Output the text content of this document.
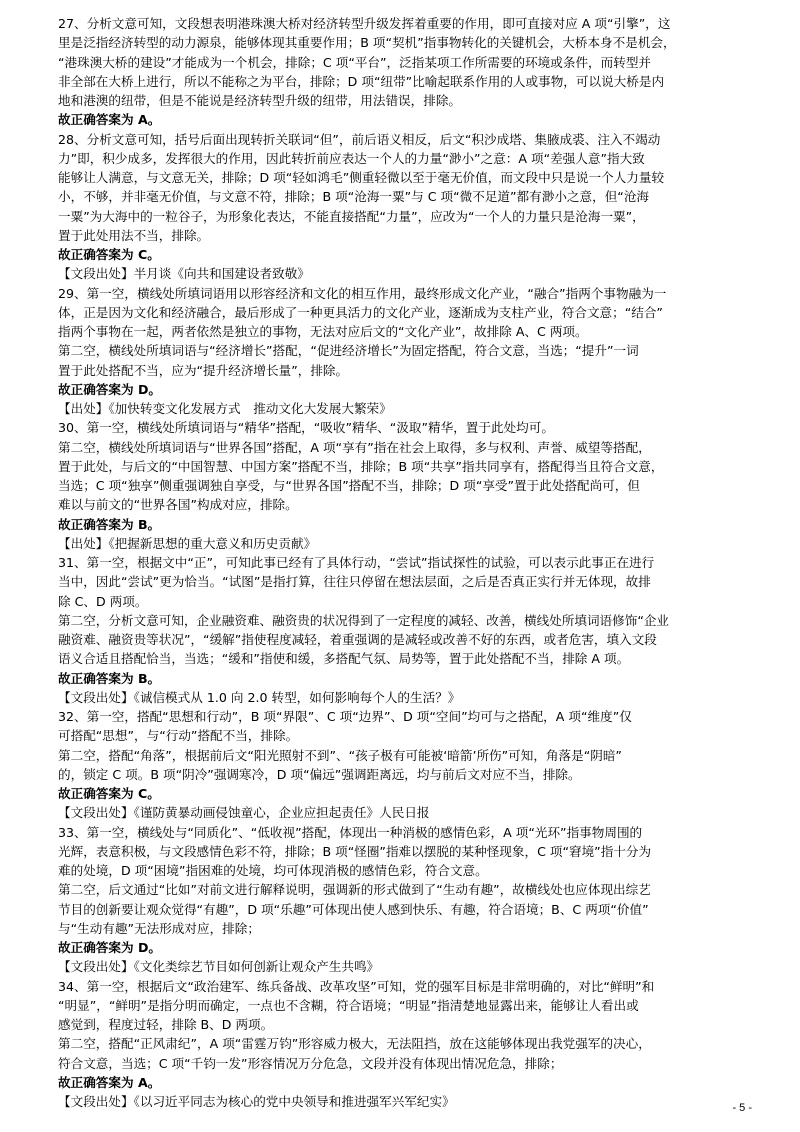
27、分析文意可知，文段想表明港珠澳大桥对经济转型升级发挥着重要的作用，即可直接对应 A 项“引擎”，这

里是泛指经济转型的动力源泉，能够体现其重要作用；B 项“契机”指事物转化的关键机会，大桥本身不是机会，

“港珠澳大桥的建设”才能成为一个机会，排除；C 项“平台”，泛指某项工作所需要的环境或条件，而转型并

非全部在大桥上进行，所以不能称之为平台，排除；D 项“纽带”比喻起联系作用的人或事物，可以说大桥是内

地和港澳的纽带，但是不能说是经济转型升级的纽带，用法错误，排除。

故正确答案为 A。

28、分析文意可知，括号后面出现转折关联词“但”，前后语义相反，后文“积沙成塔、集腋成裘、注入不竭动

力”即，积少成多，发挥很大的作用，因此转折前应表达一个人的力量“渺小”之意：A 项“差强人意”指大致

能够让人满意，与文意无关，排除；D 项“轻如鸿毛”侧重轻微以至于毫无价值，而文段中只是说一个人力量较

小，不够，并非毫无价值，与文意不符，排除；B 项“沧海一粟”与 C 项“微不足道”都有渺小之意，但“沧海

一粟”为大海中的一粒谷子，为形象化表达，不能直接搭配“力量”，应改为“一个人的力量只是沧海一粟”，

置于此处用法不当，排除。

故正确答案为 C。

【文段出处】半月谈《向共和国建设者致敬》

29、第一空，横线处所填词语用以形容经济和文化的相互作用，最终形成文化产业，“融合”指两个事物融为一

体，正是因为文化和经济融合，最后形成了一种更具活力的文化产业，逐渐成为支柱产业，符合文意；“结合”

指两个事物在一起，两者依然是独立的事物，无法对应后文的“文化产业”，故排除 A、C 两项。

第二空，横线处所填词语与“经济增长”搭配，“促进经济增长”为固定搭配，符合文意，当选；“提升”一词

置于此处搭配不当，应为“提升经济增长量”，排除。

故正确答案为 D。

【出处】《加快转变文化发展方式　推动文化大发展大繁荣》

30、第一空，横线处所填词语与“精华”搭配，“吸收”精华、“汲取”精华，置于此处均可。

第二空，横线处所填词语与“世界各国”搭配，A 项“享有”指在社会上取得，多与权利、声誉、威望等搭配，

置于此处，与后文的“中国智慧、中国方案”搭配不当，排除；B 项“共享”指共同享有，搭配得当且符合文意，

当选；C 项“独享”侧重强调独自享受，与“世界各国”搭配不当，排除；D 项“享受”置于此处搭配尚可，但

难以与前文的“世界各国”构成对应，排除。

故正确答案为 B。

【出处】《把握新思想的重大意义和历史贡献》

31、第一空，根据文中“正”，可知此事已经有了具体行动，“尝试”指试探性的试验，可以表示此事正在进行

当中，因此“尝试”更为恰当。“试图”是指打算，往往只停留在想法层面，之后是否真正实行并无体现，故排

除 C、D 两项。

第二空，分析文意可知，企业融资难、融资贵的状况得到了一定程度的减轻、改善，横线处所填词语修饰“企业

融资难、融资贵等状况”，“缓解”指使程度减轻，着重强调的是减轻或改善不好的东西，或者危害，填入文段

语义合适且搭配恰当，当选；“缓和”指使和缓，多搭配气氛、局势等，置于此处搭配不当，排除 A 项。

故正确答案为 B。

【文段出处】《诚信模式从 1.0 向 2.0 转型，如何影响每个人的生活？》

32、第一空，搭配“思想和行动”，B 项“界限”、C 项“边界”、D 项“空间”均可与之搭配，A 项“维度”仅

可搭配“思想”，与“行动”搭配不当，排除。

第二空，搭配“角落”，根据前后文“阳光照射不到”、“孩子极有可能被‘暗箭’所伤”可知，角落是“阴暗”

的，锁定 C 项。B 项“阴冷”强调寒冷，D 项“偏远”强调距离远，均与前后文对应不当，排除。

故正确答案为 C。

【文段出处】《谨防黄暴动画侵蚀童心，企业应担起责任》人民日报

33、第一空，横线处与“同质化”、“低收视”搭配，体现出一种消极的感情色彩，A 项“光环”指事物周围的

光辉，表意积极，与文段感情色彩不符，排除；B 项“怪圈”指难以摆脱的某种怪现象，C 项“窘境”指十分为

难的处境，D 项“困境”指困难的处境，均可体现消极的感情色彩，符合文意。

第二空，后文通过“比如”对前文进行解释说明，强调新的形式做到了“生动有趣”，故横线处也应体现出综艺

节目的创新要让观众觉得“有趣”，D 项“乐趣”可体现出使人感到快乐、有趣，符合语境；B、C 两项“价值”

与“生动有趣”无法形成对应，排除；

故正确答案为 D。

【文段出处】《文化类综艺节目如何创新让观众产生共鸣》

34、第一空，根据后文“政治建军、练兵备战、改革攻坚”可知，党的强军目标是非常明确的，对比“鲜明”和

“明显”，“鲜明”是指分明而确定，一点也不含糊，符合语境；“明显”指清楚地显露出来，能够让人看出或

感觉到，程度过轻，排除 B、D 两项。

第二空，搭配“正风肃纪”，A 项“雷霆万钧”形容威力极大，无法阻挡，放在这能够体现出我党强军的决心，

符合文意，当选；C 项“千钧一发”形容情况万分危急，文段并没有体现出情况危急，排除；

故正确答案为 A。

【文段出处】《以习近平同志为核心的党中央领导和推进强军兴军纪实》	- 5 -
